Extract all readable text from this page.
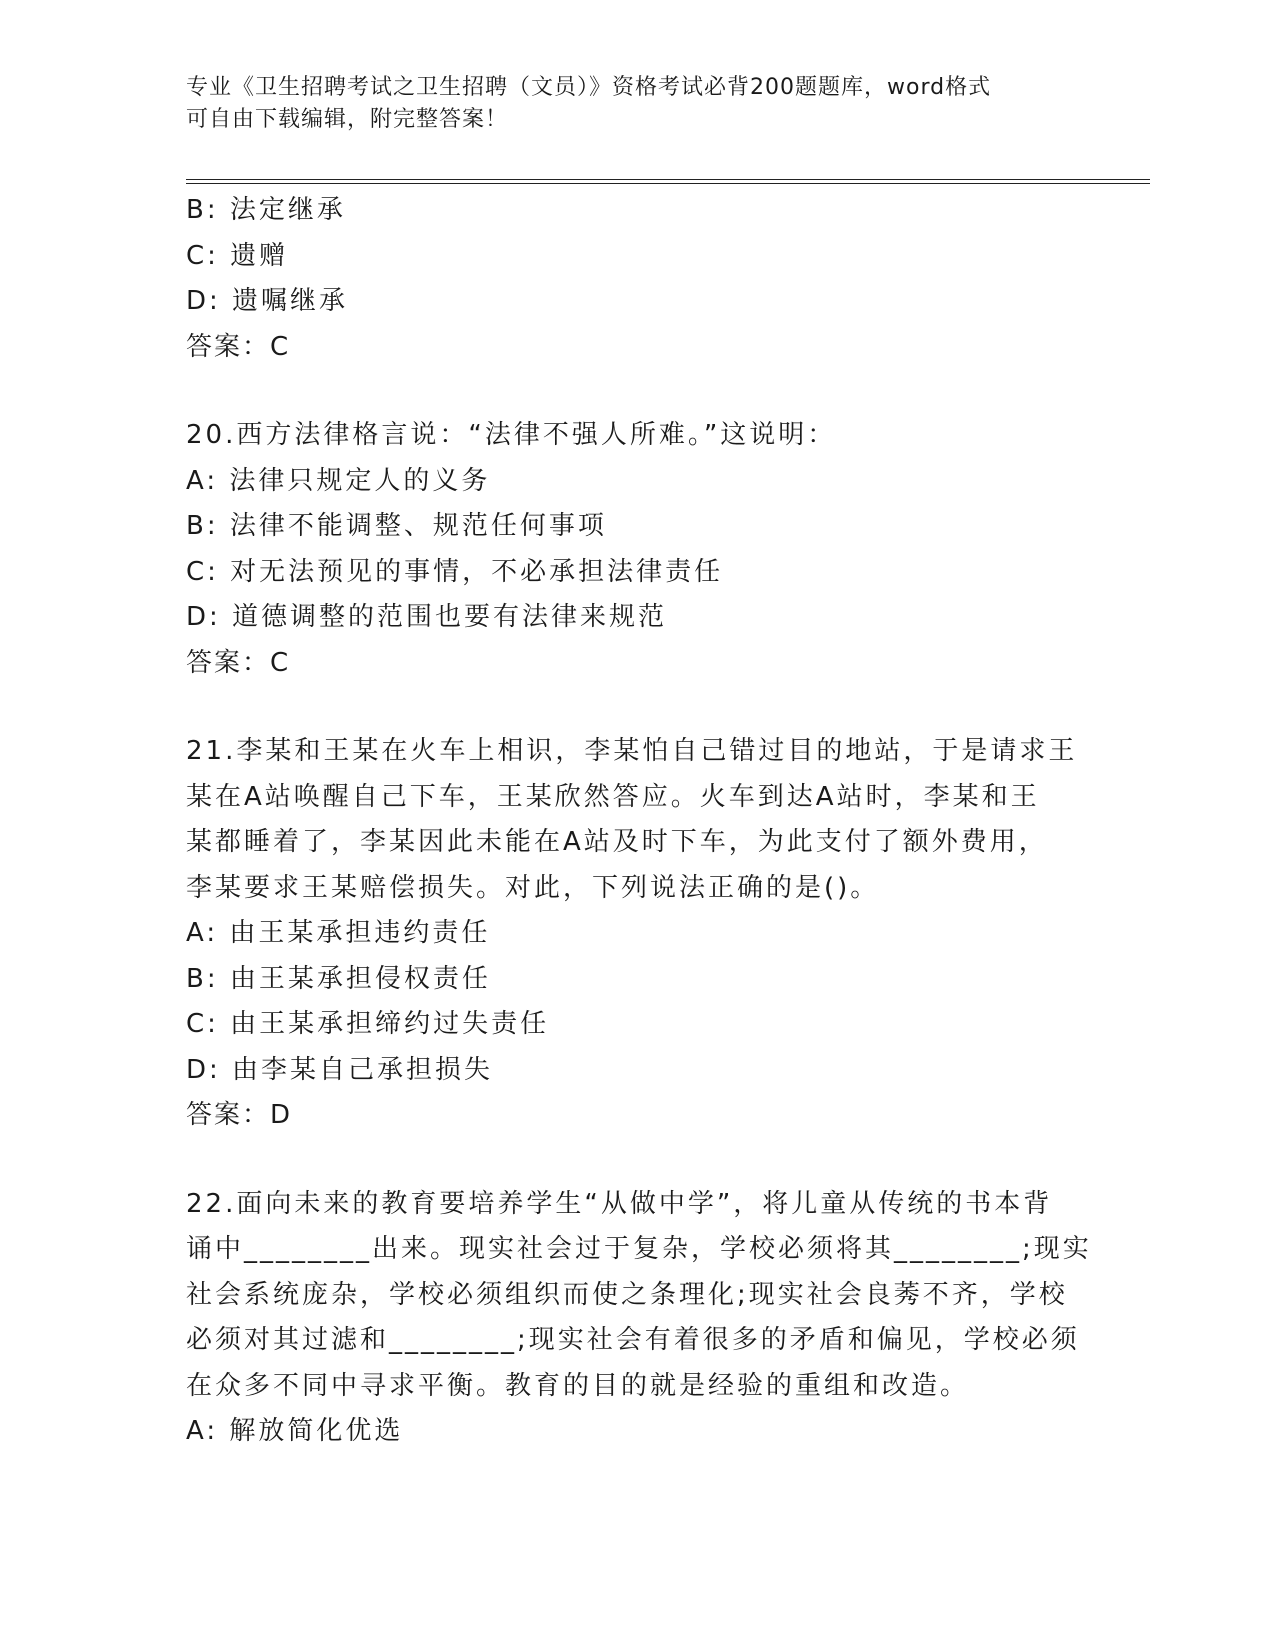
专业《卫生招聘考试之卫生招聘（文员）》资格考试必背200题题库，word格式
可自由下载编辑，附完整答案！
B: 法定继承
C: 遗赠
D: 遗嘱继承
答案：C
20.西方法律格言说：“法律不强人所难。”这说明：
A: 法律只规定人的义务
B: 法律不能调整、规范任何事项
C: 对无法预见的事情，不必承担法律责任
D: 道德调整的范围也要有法律来规范
答案：C
21.李某和王某在火车上相识，李某怕自己错过目的地站，于是请求王
某在A站唤醒自己下车，王某欣然答应。火车到达A站时，李某和王
某都睡着了，李某因此未能在A站及时下车，为此支付了额外费用，
李某要求王某赔偿损失。对此，下列说法正确的是()。
A: 由王某承担违约责任
B: 由王某承担侵权责任
C: 由王某承担缔约过失责任
D: 由李某自己承担损失
答案：D
22.面向未来的教育要培养学生“从做中学”，将儿童从传统的书本背
诵中________出来。现实社会过于复杂，学校必须将其________;现实
社会系统庞杂，学校必须组织而使之条理化;现实社会良莠不齐，学校
必须对其过滤和________;现实社会有着很多的矛盾和偏见，学校必须
在众多不同中寻求平衡。教育的目的就是经验的重组和改造。
A: 解放简化优选
